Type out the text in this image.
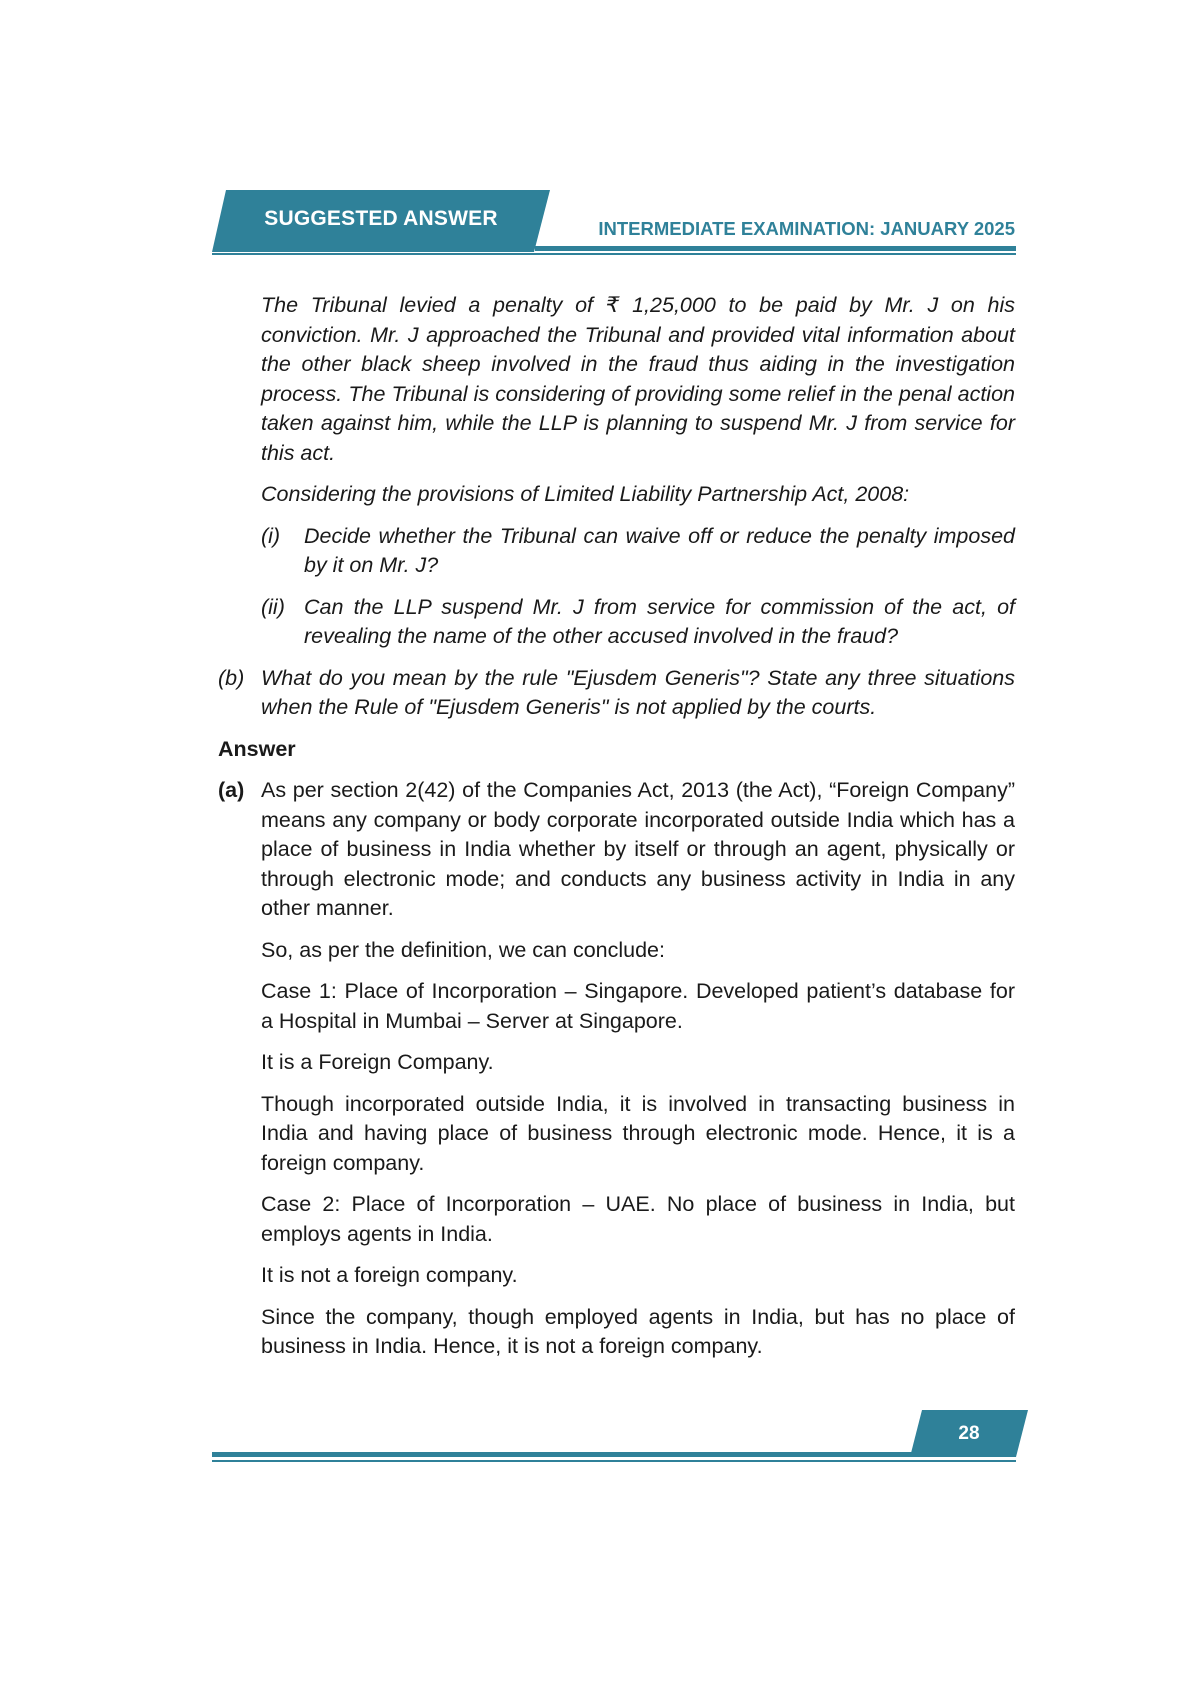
SUGGESTED ANSWER	INTERMEDIATE EXAMINATION: JANUARY 2025

The Tribunal levied a penalty of ₹ 1,25,000 to be paid by Mr. J on his conviction. Mr. J approached the Tribunal and provided vital information about the other black sheep involved in the fraud thus aiding in the investigation process. The Tribunal is considering of providing some relief in the penal action taken against him, while the LLP is planning to suspend Mr. J from service for this act.

Considering the provisions of Limited Liability Partnership Act, 2008:

(i)	Decide whether the Tribunal can waive off or reduce the penalty imposed by it on Mr. J?
(ii) Can the LLP suspend Mr. J from service for commission of the act, of revealing the name of the other accused involved in the fraud?
(b) What do you mean by the rule "Ejusdem Generis"? State any three situations when the Rule of "Ejusdem Generis" is not applied by the courts.

Answer

(a) As per section 2(42) of the Companies Act, 2013 (the Act), “Foreign Company” means any company or body corporate incorporated outside India which has a place of business in India whether by itself or through an agent, physically or through electronic mode; and conducts any business activity in India in any other manner.

So, as per the definition, we can conclude:

Case 1: Place of Incorporation – Singapore. Developed patient’s database for a Hospital in Mumbai – Server at Singapore.

It is a Foreign Company.

Though incorporated outside India, it is involved in transacting business in India and having place of business through electronic mode. Hence, it is a foreign company.

Case 2: Place of Incorporation – UAE. No place of business in India, but employs agents in India.

It is not a foreign company.

Since the company, though employed agents in India, but has no place of business in India. Hence, it is not a foreign company.

28
